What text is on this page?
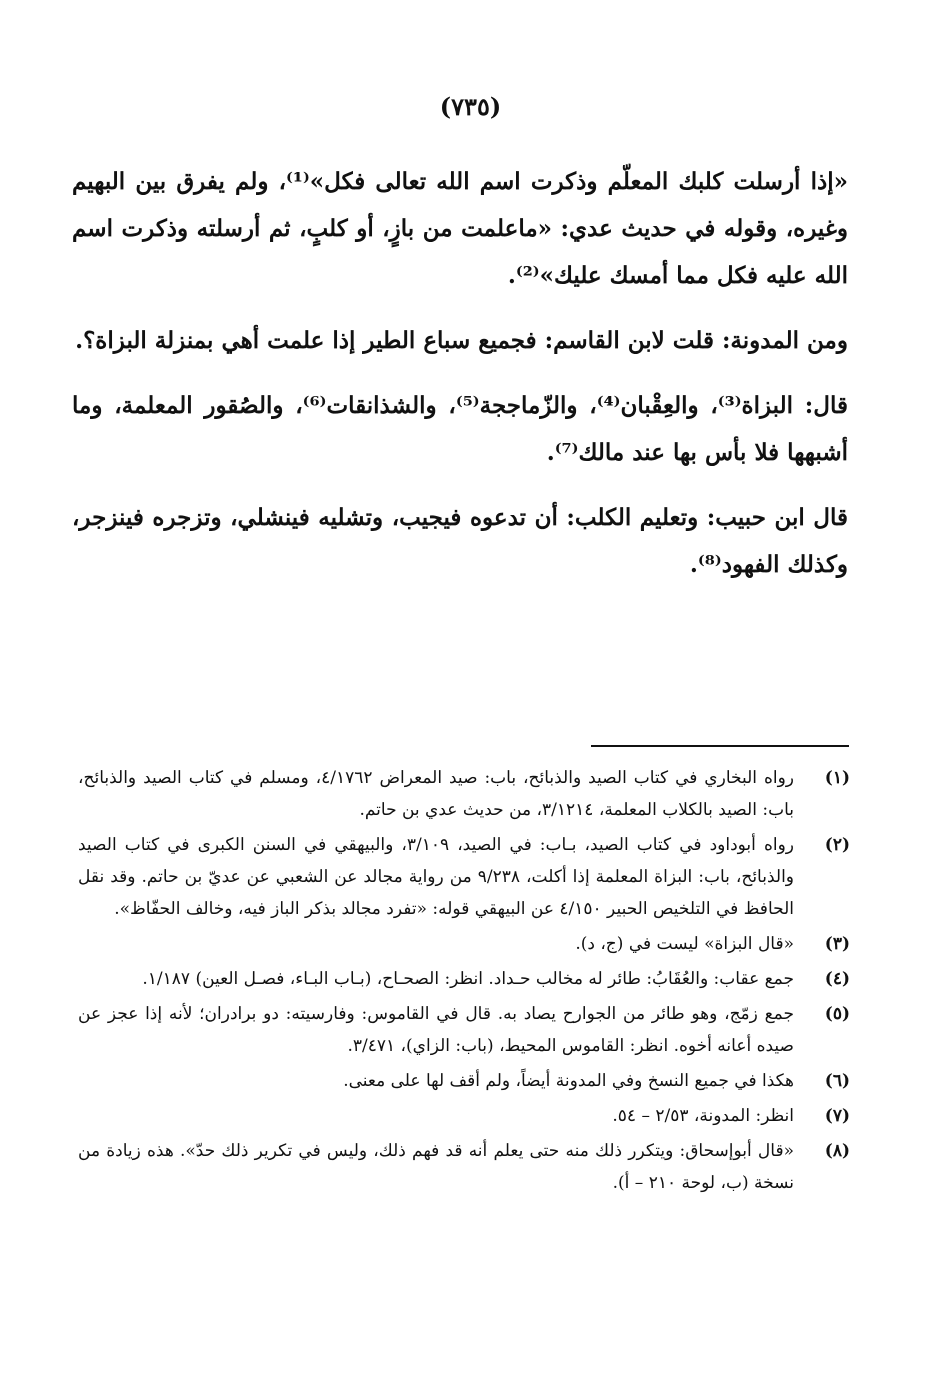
(٧٣٥)

«إذا أرسلت كلبك المعلّم وذكرت اسم الله تعالى فكل»⁽¹⁾، ولم يفرق بين البهيم وغيره، وقوله في حديث عدي: «ماعلمت من بازٍ، أو كلبٍ، ثم أرسلته وذكرت اسم الله عليه فكل مما أمسك عليك»⁽²⁾.

ومن المدونة: قلت لابن القاسم: فجميع سباع الطير إذا علمت أهي بمنزلة البزاة؟.

قال: البزاة⁽³⁾، والعِقْبان⁽⁴⁾، والزّماججة⁽⁵⁾، والشذانقات⁽⁶⁾، والصُقور المعلمة، وما أشبهها فلا بأس بها عند مالك⁽⁷⁾.

قال ابن حبيب: وتعليم الكلب: أن تدعوه فيجيب، وتشليه فينشلي، وتزجره فينزجر، وكذلك الفهود⁽⁸⁾.

(١)
رواه البخاري في كتاب الصيد والذبائح، باب: صيد المعراض ٤/١٧٦٢، ومسلم في كتاب الصيد والذبائح، باب: الصيد بالكلاب المعلمة، ٣/١٢١٤، من حديث عدي بن حاتم.
(٢)
رواه أبوداود في كتاب الصيد، بـاب: في الصيد، ٣/١٠٩، والبيهقي في السنن الكبرى في كتاب الصيد والذبائح، باب: البزاة المعلمة إذا أكلت، ٩/٢٣٨ من رواية مجالد عن الشعبي عن عديّ بن حاتم. وقد نقل الحافظ في التلخيص الحبير ٤/١٥٠ عن البيهقي قوله: «تفرد مجالد بذكر الباز فيه، وخالف الحفّاظ».
(٣)
«قال البزاة» ليست في (ج، د).
(٤)
جمع عقاب: والعُقَابُ: طائر له مخالب حـداد. انظر: الصحـاح، (بـاب البـاء، فصـل العين) ١/١٨٧.
(٥)
جمع زمّج، وهو طائر من الجوارح يصاد به. قال في القاموس: وفارسيته: دو برادران؛ لأنه إذا عجز عن صيده أعانه أخوه. انظر: القاموس المحيط، (باب: الزاي)، ٣/٤٧١.
(٦)
هكذا في جميع النسخ وفي المدونة أيضاً، ولم أقف لها على معنى.
(٧)
انظر: المدونة، ٢/٥٣ – ٥٤.
(٨)
«قال أبوإسحاق: ويتكرر ذلك منه حتى يعلم أنه قد فهم ذلك، وليس في تكرير ذلك حدّ». هذه زيادة من نسخة (ب، لوحة ٢١٠ – أ).
